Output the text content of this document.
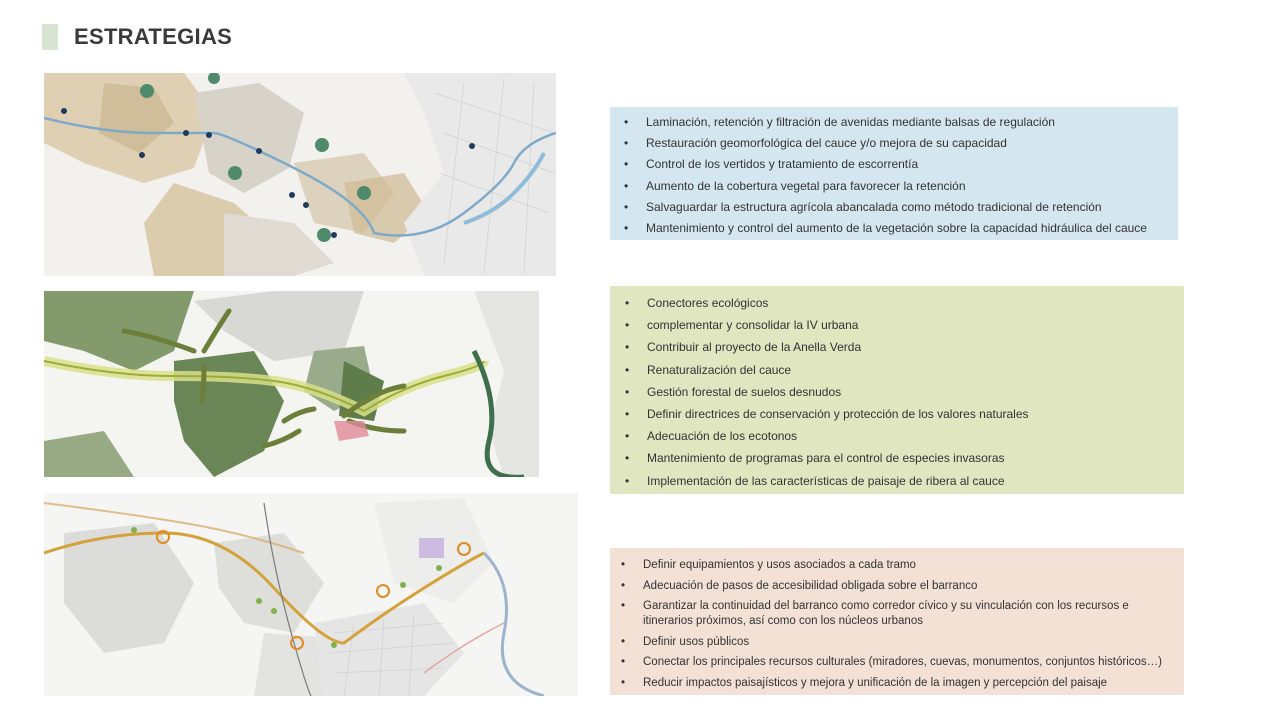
ESTRATEGIAS
• Laminación, retención y filtración de avenidas mediante balsas de regulación
• Restauración geomorfológica del cauce y/o mejora de su capacidad
• Control de los vertidos y tratamiento de escorrentía
• Aumento de la cobertura vegetal para favorecer la retención
• Salvaguardar la estructura agrícola abancalada como método tradicional de retención
• Mantenimiento y control del aumento de la vegetación sobre la capacidad hidráulica del cauce
• Conectores ecológicos
• complementar y consolidar la IV urbana
• Contribuir al proyecto de la Anella Verda
• Renaturalización del cauce
• Gestión forestal de suelos desnudos
• Definir directrices de conservación y protección de los valores naturales
• Adecuación de los ecotonos
• Mantenimiento de programas para el control de especies invasoras
• Implementación de las características de paisaje de ribera al cauce
• Definir equipamientos y usos asociados a cada tramo
• Adecuación de pasos de accesibilidad obligada sobre el barranco
• Garantizar la continuidad del barranco como corredor cívico y su vinculación con los recursos e itinerarios próximos, así como con los núcleos urbanos
• Definir usos públicos
• Conectar los principales recursos culturales (miradores, cuevas, monumentos, conjuntos históricos…)
• Reducir impactos paisajísticos y mejora y unificación de la imagen y percepción del paisaje
